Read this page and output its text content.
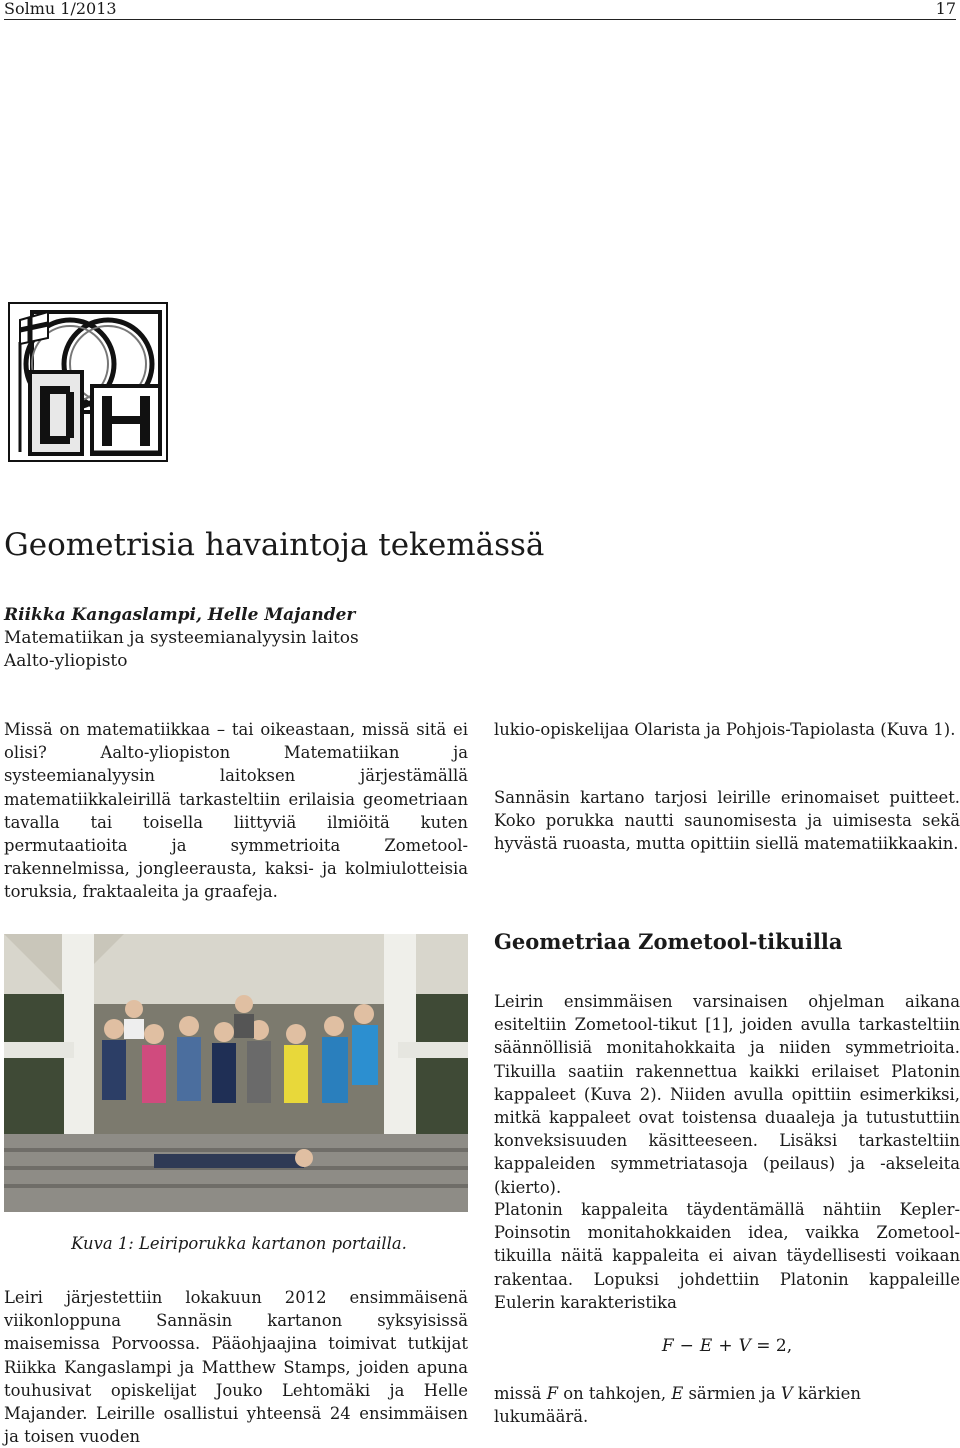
Solmu 1/2013	17
Geometrisia havaintoja tekemässä
Riikka Kangaslampi, Helle Majander
Matematiikan ja systeemianalyysin laitos
Aalto-yliopisto

Missä on matematiikkaa – tai oikeastaan, missä sitä ei olisi? Aalto-yliopiston Matematiikan ja systeemianalyysin laitoksen järjestämällä matematiikkaleirillä tarkasteltiin erilaisia geometriaan tavalla tai toisella liittyviä ilmiöitä kuten permutaatioita ja symmetrioita Zometool-rakennelmissa, jongleerausta, kaksi- ja kolmiulotteisia toruksia, fraktaaleita ja graafeja.

Kuva 1: Leiriporukka kartanon portailla.

Leiri järjestettiin lokakuun 2012 ensimmäisenä viikonloppuna Sannäsin kartanon syksyisissä maisemissa Porvoossa. Pääohjaajina toimivat tutkijat Riikka Kangaslampi ja Matthew Stamps, joiden apuna touhusivat opiskelijat Jouko Lehtomäki ja Helle Majander. Leirille osallistui yhteensä 24 ensimmäisen ja toisen vuoden

lukio-opiskelijaa Olarista ja Pohjois-Tapiolasta (Kuva 1).

Sannäsin kartano tarjosi leirille erinomaiset puitteet. Koko porukka nautti saunomisesta ja uimisesta sekä hyvästä ruoasta, mutta opittiin siellä matematiikkaakin.

Geometriaa Zometool-tikuilla

Leirin ensimmäisen varsinaisen ohjelman aikana esiteltiin Zometool-tikut [1], joiden avulla tarkasteltiin säännöllisiä monitahokkaita ja niiden symmetrioita. Tikuilla saatiin rakennettua kaikki erilaiset Platonin kappaleet (Kuva 2). Niiden avulla opittiin esimerkiksi, mitkä kappaleet ovat toistensa duaaleja ja tutustuttiin konveksisuuden käsitteeseen. Lisäksi tarkasteltiin kappaleiden symmetriatasoja (peilaus) ja -akseleita (kierto).

Platonin kappaleita täydentämällä nähtiin Kepler-Poinsotin monitahokkaiden idea, vaikka Zometool-tikuilla näitä kappaleita ei aivan täydellisesti voikaan rakentaa. Lopuksi johdettiin Platonin kappaleille Eulerin karakteristika

F − E + V = 2,

missä F on tahkojen, E särmien ja V kärkien lukumäärä.
